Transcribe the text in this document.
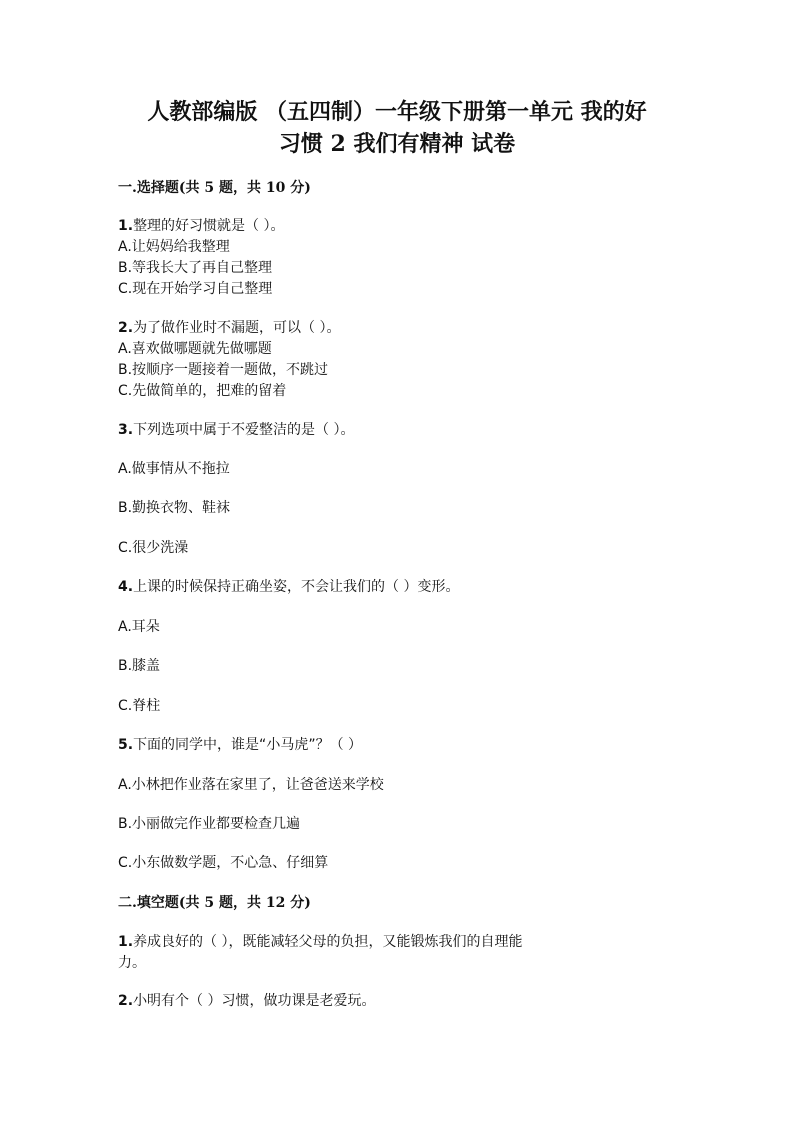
人教部编版 （五四制）一年级下册第一单元 我的好
习惯 2 我们有精神 试卷
一.选择题(共 5 题，共 10 分)
1.整理的好习惯就是（ ）。
A.让妈妈给我整理
B.等我长大了再自己整理
C.现在开始学习自己整理
2.为了做作业时不漏题，可以（ ）。
A.喜欢做哪题就先做哪题
B.按顺序一题接着一题做，不跳过
C.先做简单的，把难的留着
3.下列选项中属于不爱整洁的是（ ）。
A.做事情从不拖拉
B.勤换衣物、鞋袜
C.很少洗澡
4.上课的时候保持正确坐姿，不会让我们的（ ）变形。
A.耳朵
B.膝盖
C.脊柱
5.下面的同学中，谁是“小马虎”？（ ）
A.小林把作业落在家里了，让爸爸送来学校
B.小丽做完作业都要检查几遍
C.小东做数学题，不心急、仔细算
二.填空题(共 5 题，共 12 分)
1.养成良好的（ ），既能减轻父母的负担，又能锻炼我们的自理能
力。
2.小明有个（ ）习惯，做功课是老爱玩。
